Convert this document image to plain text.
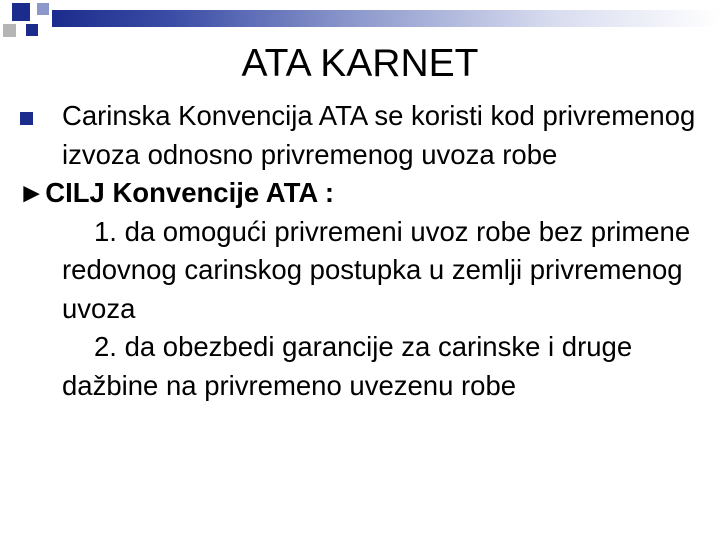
ATA KARNET
Carinska Konvencija ATA se koristi kod privremenog izvoza odnosno privremenog uvoza robe
►CILJ Konvencije ATA :
1. da omogući privremeni uvoz robe bez primene redovnog carinskog postupka u zemlji privremenog uvoza
2. da obezbedi garancije za carinske i druge dažbine na privremeno uvezenu robe
